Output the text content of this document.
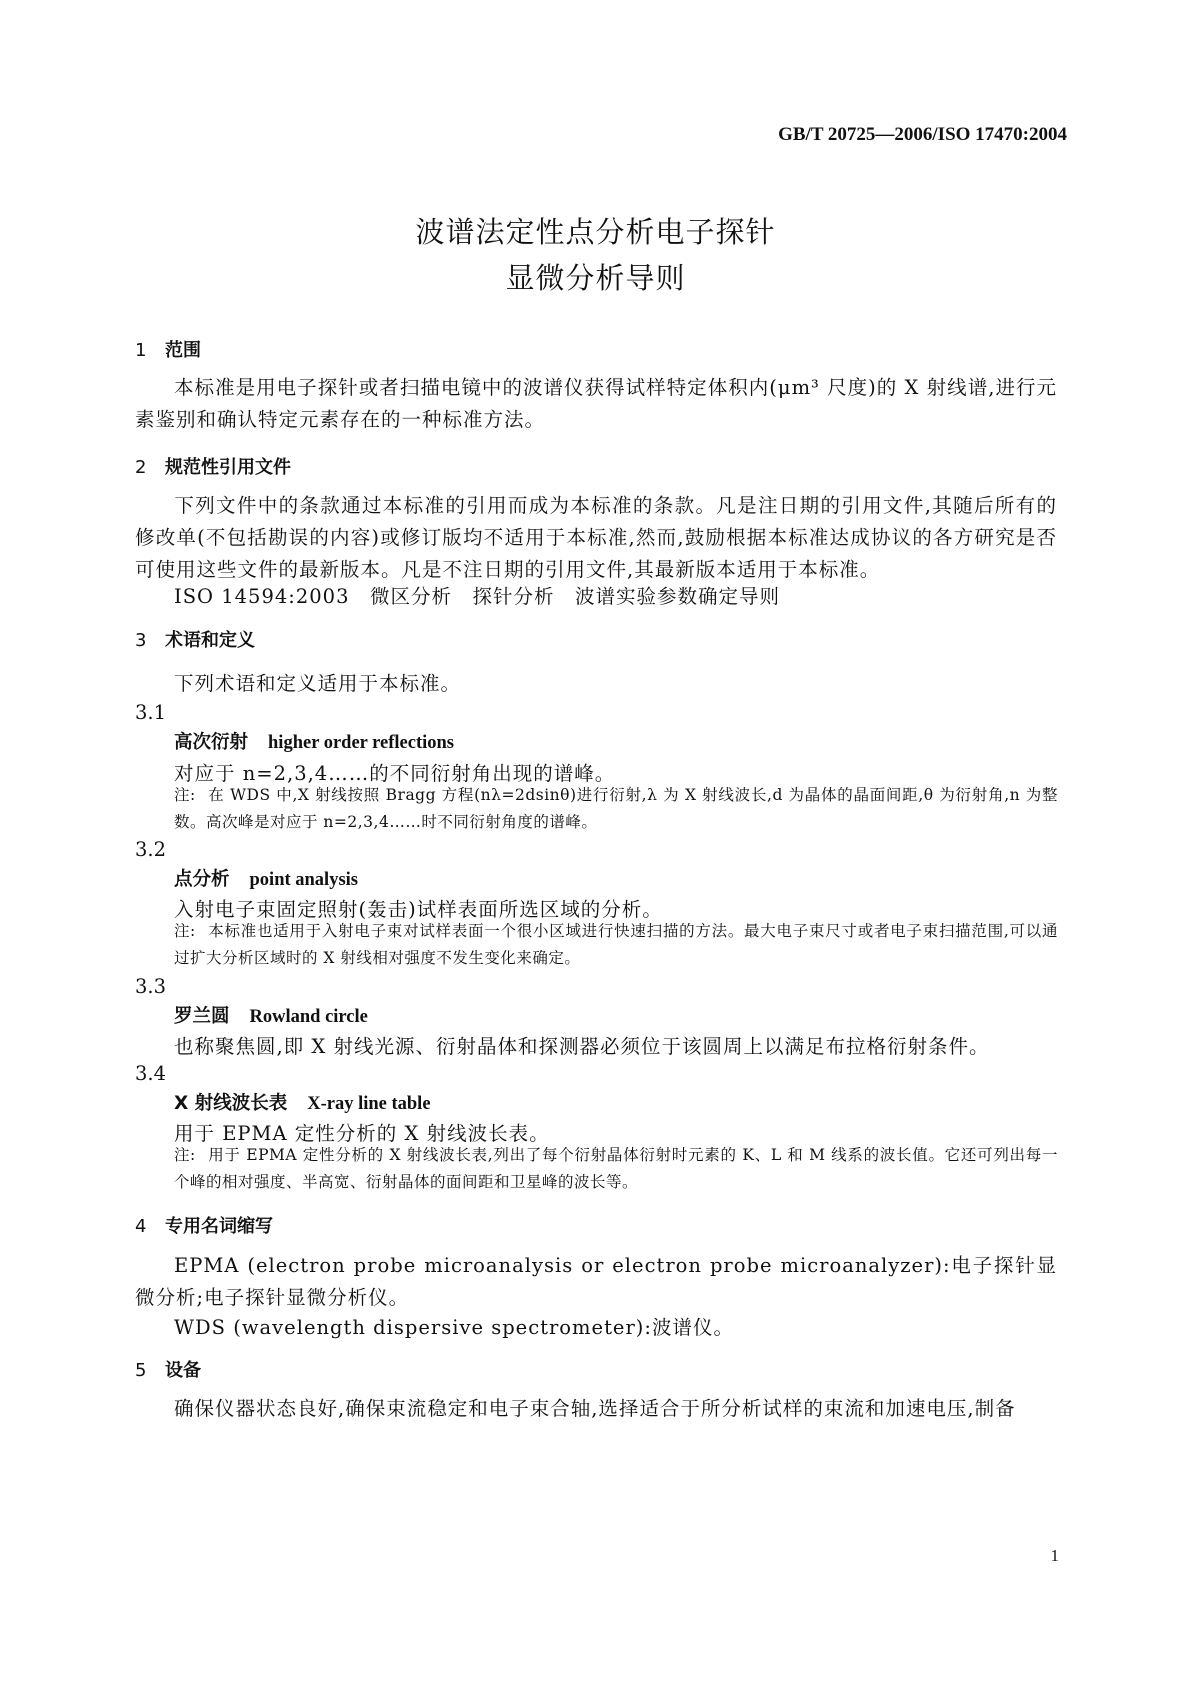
GB/T 20725—2006/ISO 17470:2004
波谱法定性点分析电子探针
显微分析导则
1 范围
本标准是用电子探针或者扫描电镜中的波谱仪获得试样特定体积内(μm³ 尺度)的 X 射线谱,进行元素鉴别和确认特定元素存在的一种标准方法。
2 规范性引用文件
下列文件中的条款通过本标准的引用而成为本标准的条款。凡是注日期的引用文件,其随后所有的修改单(不包括勘误的内容)或修订版均不适用于本标准,然而,鼓励根据本标准达成协议的各方研究是否可使用这些文件的最新版本。凡是不注日期的引用文件,其最新版本适用于本标准。
ISO 14594:2003　微区分析　探针分析　波谱实验参数确定导则
3 术语和定义
下列术语和定义适用于本标准。
3.1
高次衍射 higher order reflections
对应于 n=2,3,4……的不同衍射角出现的谱峰。
注: 在 WDS 中,X 射线按照 Bragg 方程(nλ=2dsinθ)进行衍射,λ 为 X 射线波长,d 为晶体的晶面间距,θ 为衍射角,n 为整数。高次峰是对应于 n=2,3,4……时不同衍射角度的谱峰。
3.2
点分析 point analysis
入射电子束固定照射(轰击)试样表面所选区域的分析。
注: 本标准也适用于入射电子束对试样表面一个很小区域进行快速扫描的方法。最大电子束尺寸或者电子束扫描范围,可以通过扩大分析区域时的 X 射线相对强度不发生变化来确定。
3.3
罗兰圆 Rowland circle
也称聚焦圆,即 X 射线光源、衍射晶体和探测器必须位于该圆周上以满足布拉格衍射条件。
3.4
X 射线波长表 X-ray line table
用于 EPMA 定性分析的 X 射线波长表。
注: 用于 EPMA 定性分析的 X 射线波长表,列出了每个衍射晶体衍射时元素的 K、L 和 M 线系的波长值。它还可列出每一个峰的相对强度、半高宽、衍射晶体的面间距和卫星峰的波长等。
4 专用名词缩写
EPMA (electron probe microanalysis or electron probe microanalyzer):电子探针显微分析;电子探针显微分析仪。
WDS (wavelength dispersive spectrometer):波谱仪。
5 设备
确保仪器状态良好,确保束流稳定和电子束合轴,选择适合于所分析试样的束流和加速电压,制备
1
